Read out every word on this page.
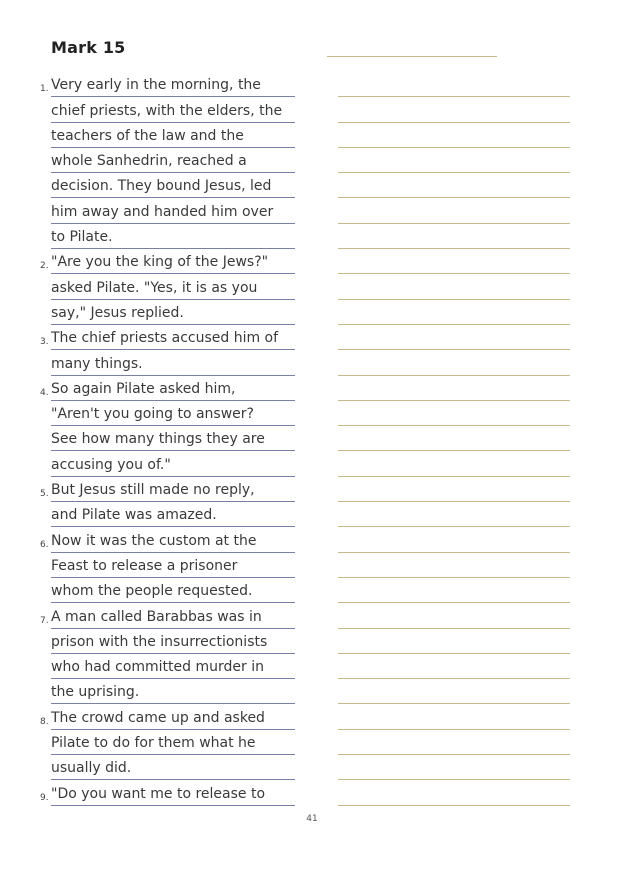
Mark 15
1. Very early in the morning, the
chief priests, with the elders, the
teachers of the law and the
whole Sanhedrin, reached a
decision. They bound Jesus, led
him away and handed him over
to Pilate.
2. "Are you the king of the Jews?"
asked Pilate. "Yes, it is as you
say," Jesus replied.
3. The chief priests accused him of
many things.
4. So again Pilate asked him,
"Aren't you going to answer?
See how many things they are
accusing you of."
5. But Jesus still made no reply,
and Pilate was amazed.
6. Now it was the custom at the
Feast to release a prisoner
whom the people requested.
7. A man called Barabbas was in
prison with the insurrectionists
who had committed murder in
the uprising.
8. The crowd came up and asked
Pilate to do for them what he
usually did.
9. "Do you want me to release to
41
